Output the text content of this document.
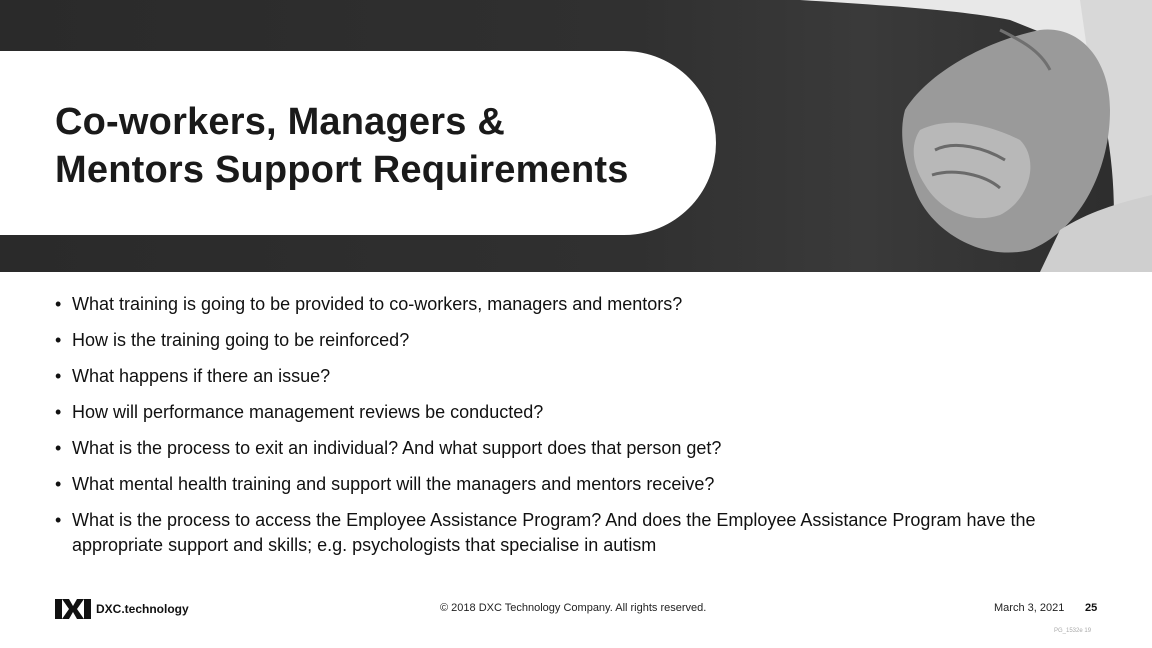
Co-workers, Managers &
Mentors Support Requirements
• What training is going to be provided to co-workers, managers and mentors?
• How is the training going to be reinforced?
• What happens if there an issue?
• How will performance management reviews be conducted?
• What is the process to exit an individual? And what support does that person get?
• What mental health training and support will the managers and mentors receive?
• What is the process to access the Employee Assistance Program? And does the Employee Assistance Program have the appropriate support and skills; e.g. psychologists that specialise in autism
DXC.technology	© 2018 DXC Technology Company. All rights reserved.	March 3, 2021 25
PG_1532e 19
